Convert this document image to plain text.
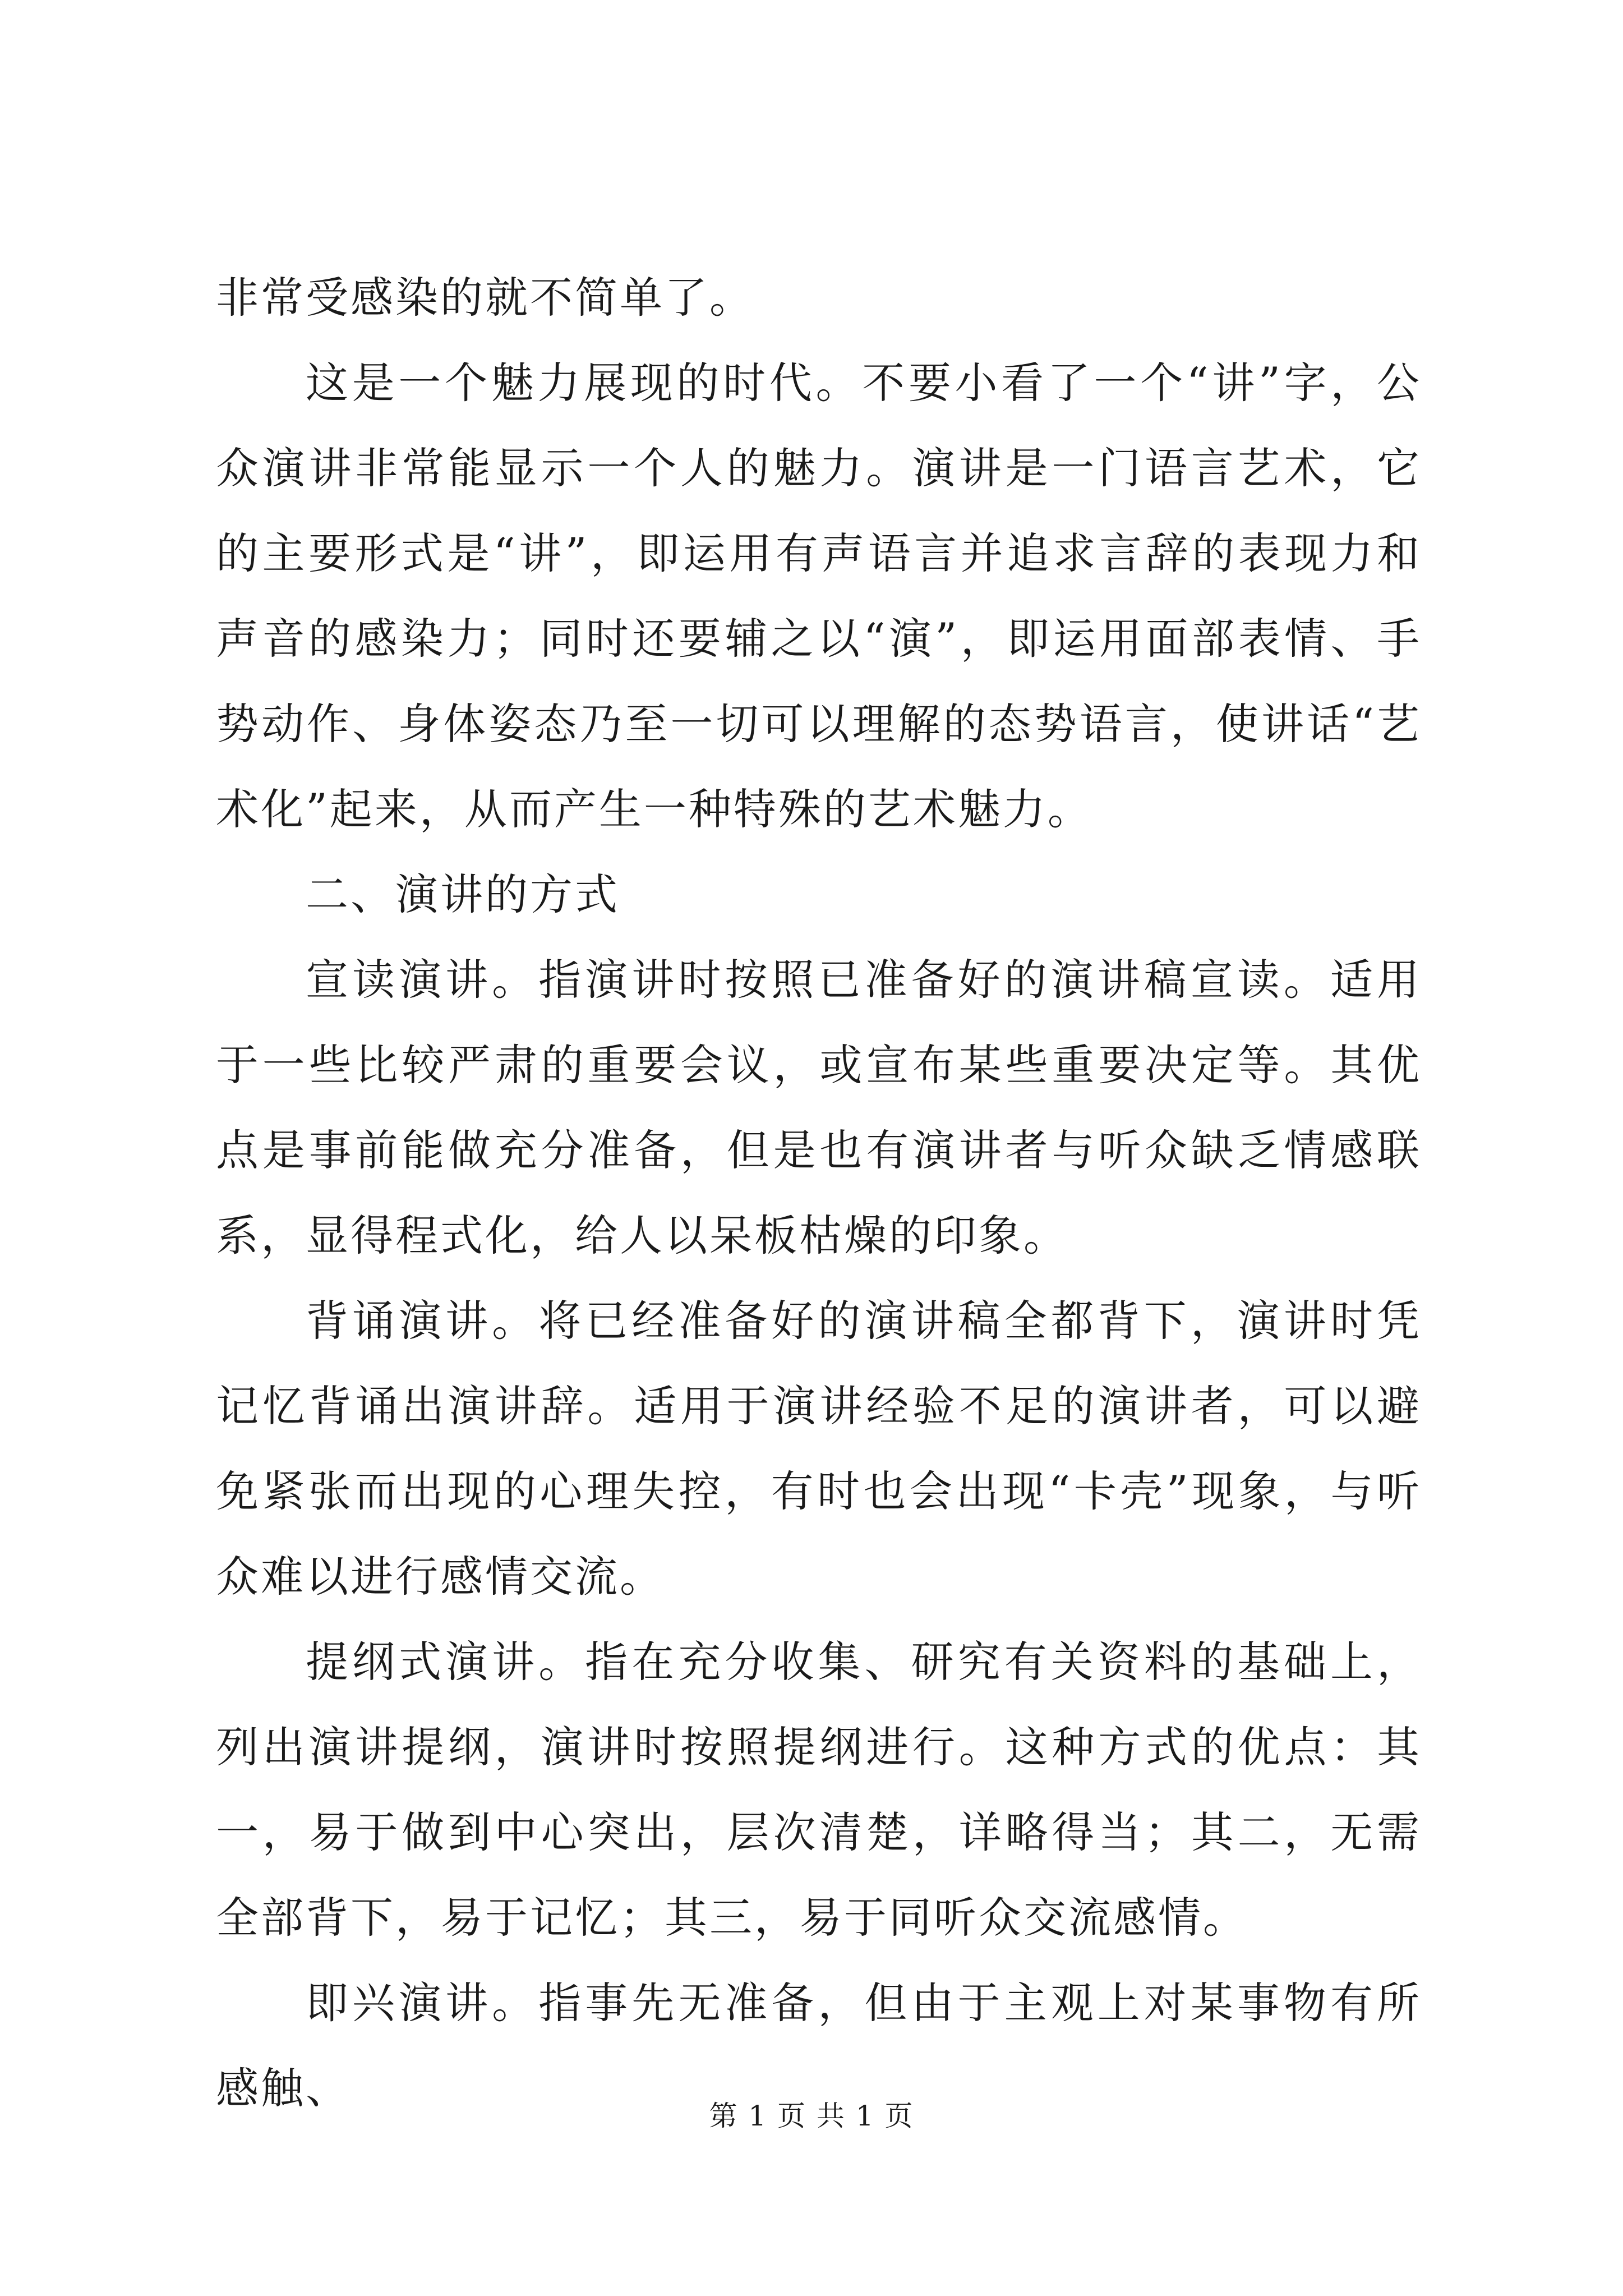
非常受感染的就不简单了。

这是一个魅力展现的时代。不要小看了一个“讲”字，公众演讲非常能显示一个人的魅力。演讲是一门语言艺术，它的主要形式是“讲”，即运用有声语言并追求言辞的表现力和声音的感染力；同时还要辅之以“演”，即运用面部表情、手势动作、身体姿态乃至一切可以理解的态势语言，使讲话“艺术化”起来，从而产生一种特殊的艺术魅力。

二、演讲的方式

宣读演讲。指演讲时按照已准备好的演讲稿宣读。适用于一些比较严肃的重要会议，或宣布某些重要决定等。其优点是事前能做充分准备，但是也有演讲者与听众缺乏情感联系，显得程式化，给人以呆板枯燥的印象。

背诵演讲。将已经准备好的演讲稿全都背下，演讲时凭记忆背诵出演讲辞。适用于演讲经验不足的演讲者，可以避免紧张而出现的心理失控，有时也会出现“卡壳”现象，与听众难以进行感情交流。

提纲式演讲。指在充分收集、研究有关资料的基础上，列出演讲提纲，演讲时按照提纲进行。这种方式的优点：其一，易于做到中心突出，层次清楚，详略得当；其二，无需全部背下，易于记忆；其三，易于同听众交流感情。

即兴演讲。指事先无准备，但由于主观上对某事物有所感触、

第 1 页 共 1 页
